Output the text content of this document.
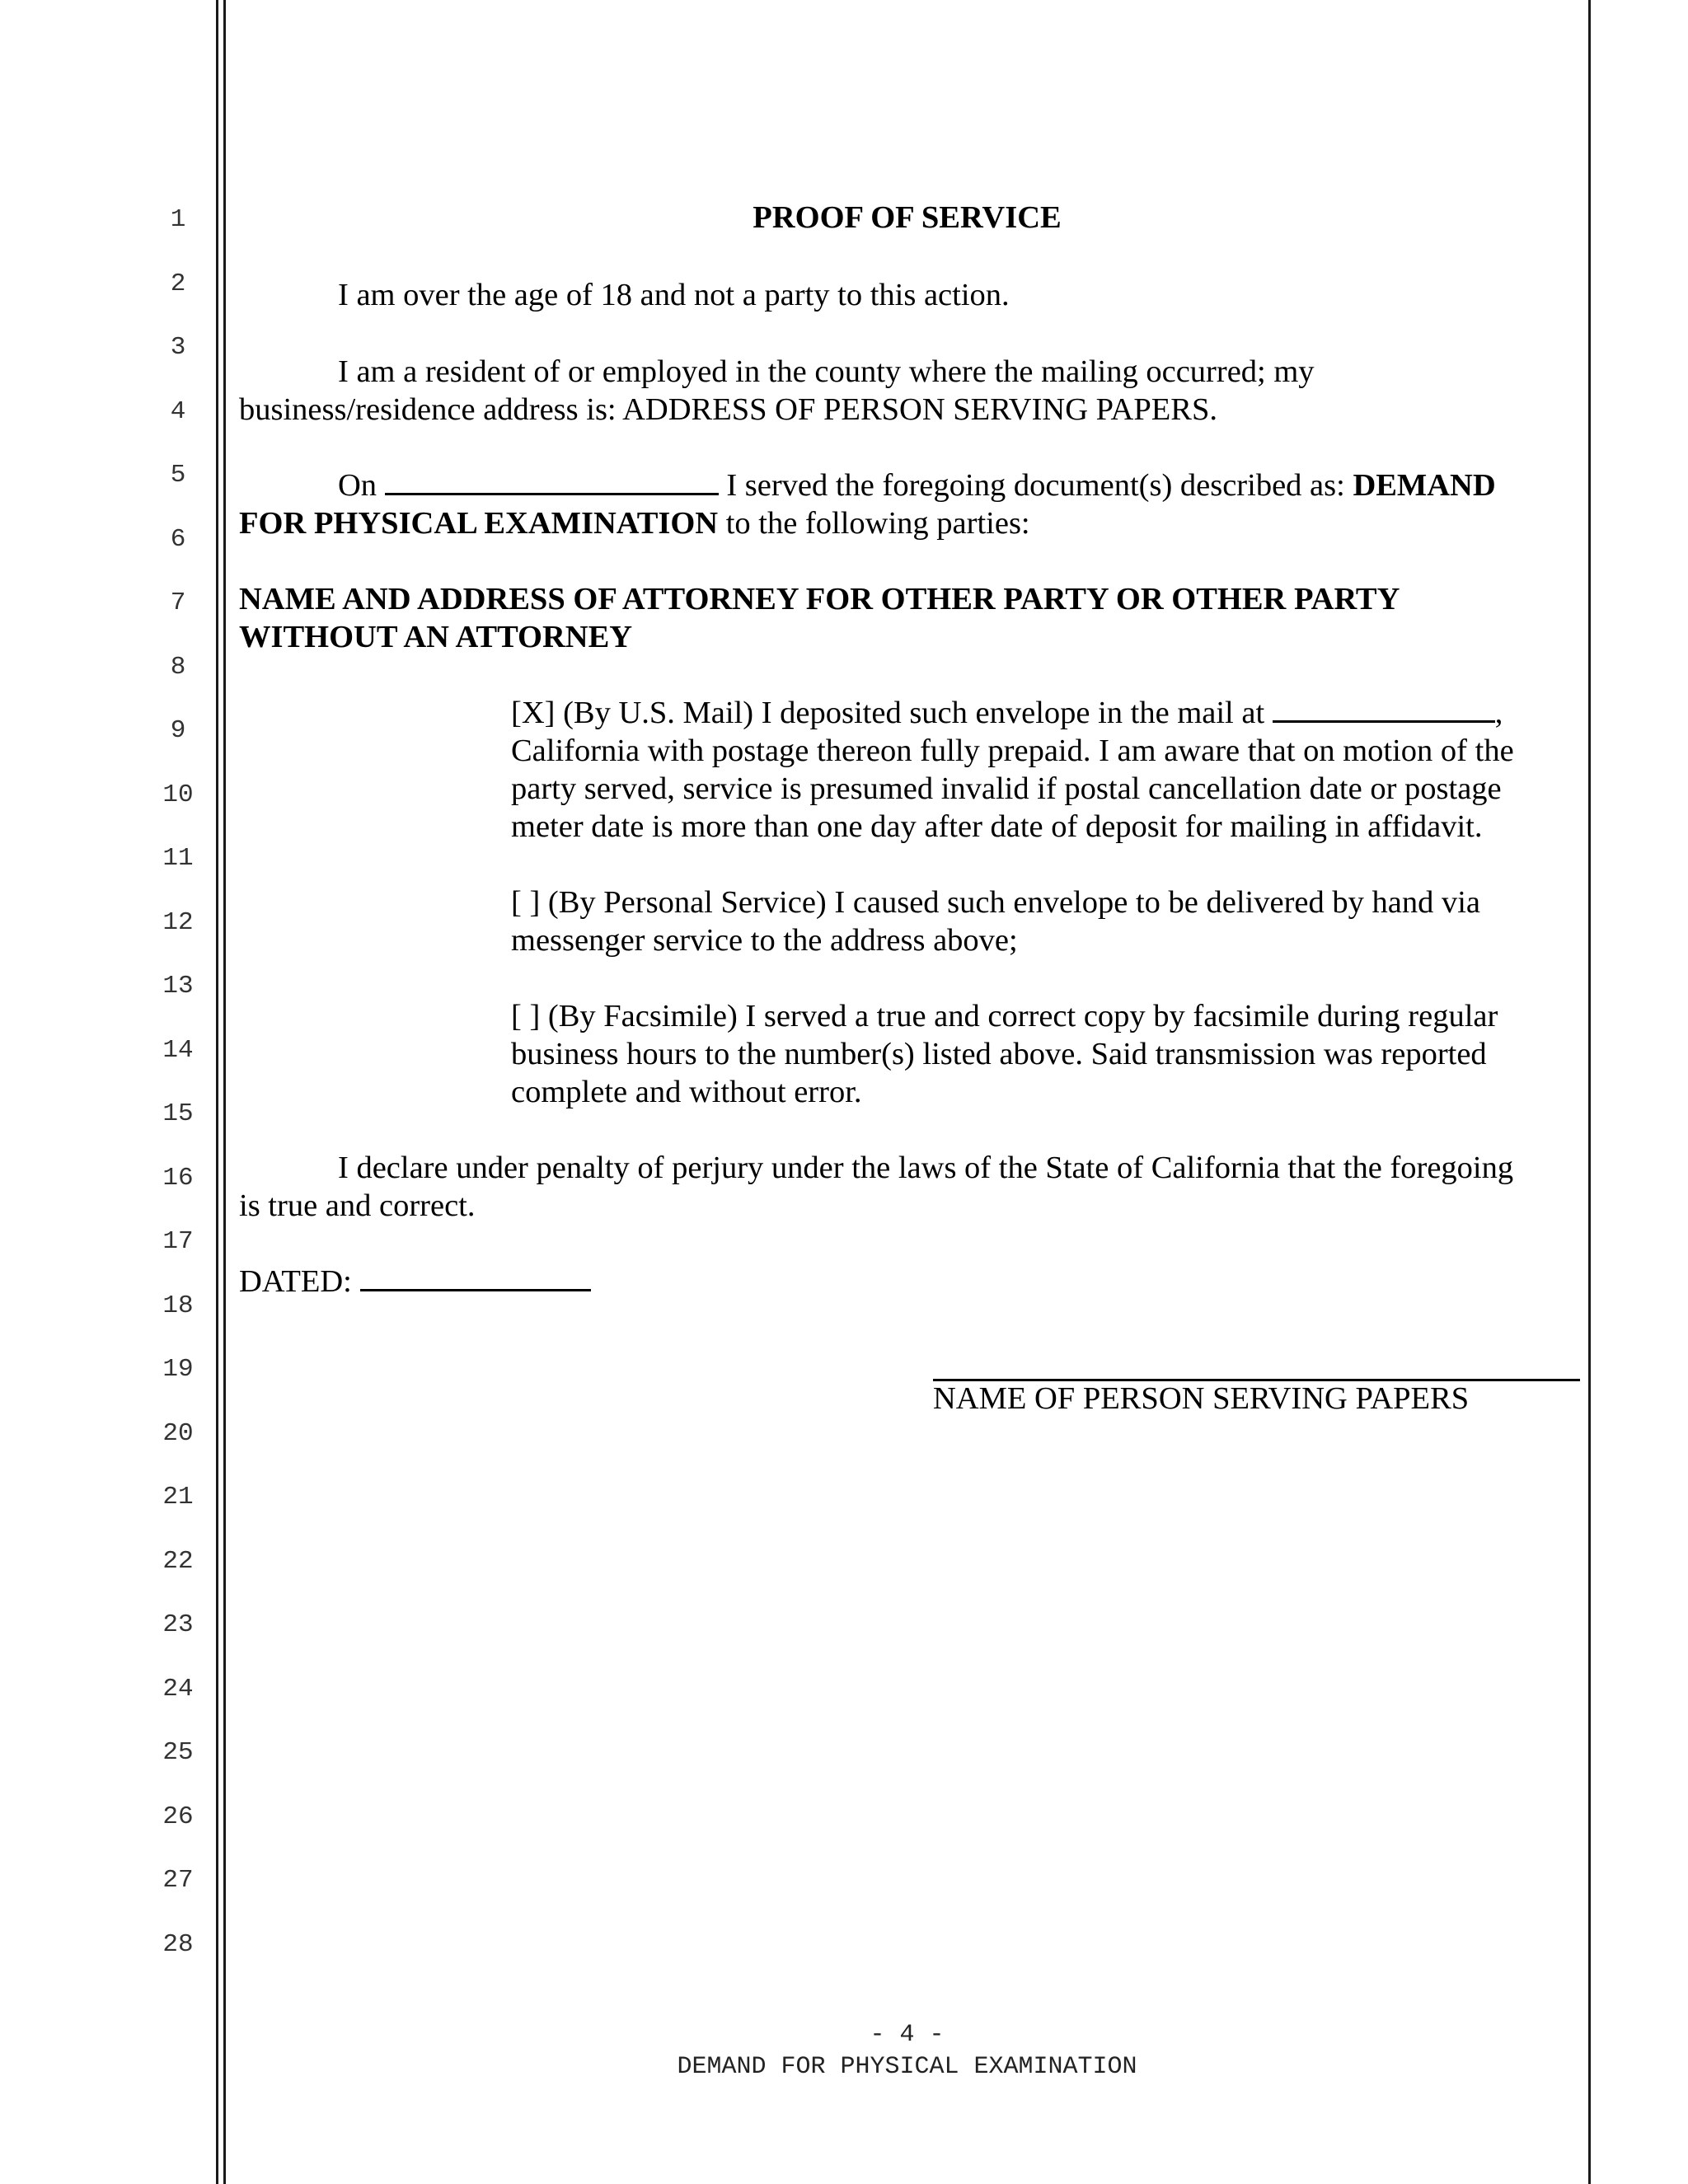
1
2
3
4
5
6
7
8
9
10
11
12
13
14
15
16
17
18
19
20
21
22
23
24
25
26
27
28
PROOF OF SERVICE
I am over the age of 18 and not a party to this action.
I am a resident of or employed in the county where the mailing occurred; my
business/residence address is: ADDRESS OF PERSON SERVING PAPERS.
On	I served the foregoing document(s) described as: DEMAND
FOR PHYSICAL EXAMINATION to the following parties:
NAME AND ADDRESS OF ATTORNEY FOR OTHER PARTY OR OTHER PARTY
WITHOUT AN ATTORNEY
[X] (By U.S. Mail) I deposited such envelope in the mail at	,
California with postage thereon fully prepaid. I am aware that on motion of the
party served, service is presumed invalid if postal cancellation date or postage
meter date is more than one day after date of deposit for mailing in affidavit.
[ ] (By Personal Service) I caused such envelope to be delivered by hand via
messenger service to the address above;
[ ] (By Facsimile) I served a true and correct copy by facsimile during regular
business hours to the number(s) listed above. Said transmission was reported
complete and without error.
I declare under penalty of perjury under the laws of the State of California that the foregoing
is true and correct.
DATED:
NAME OF PERSON SERVING PAPERS
- 4 -
DEMAND FOR PHYSICAL EXAMINATION
